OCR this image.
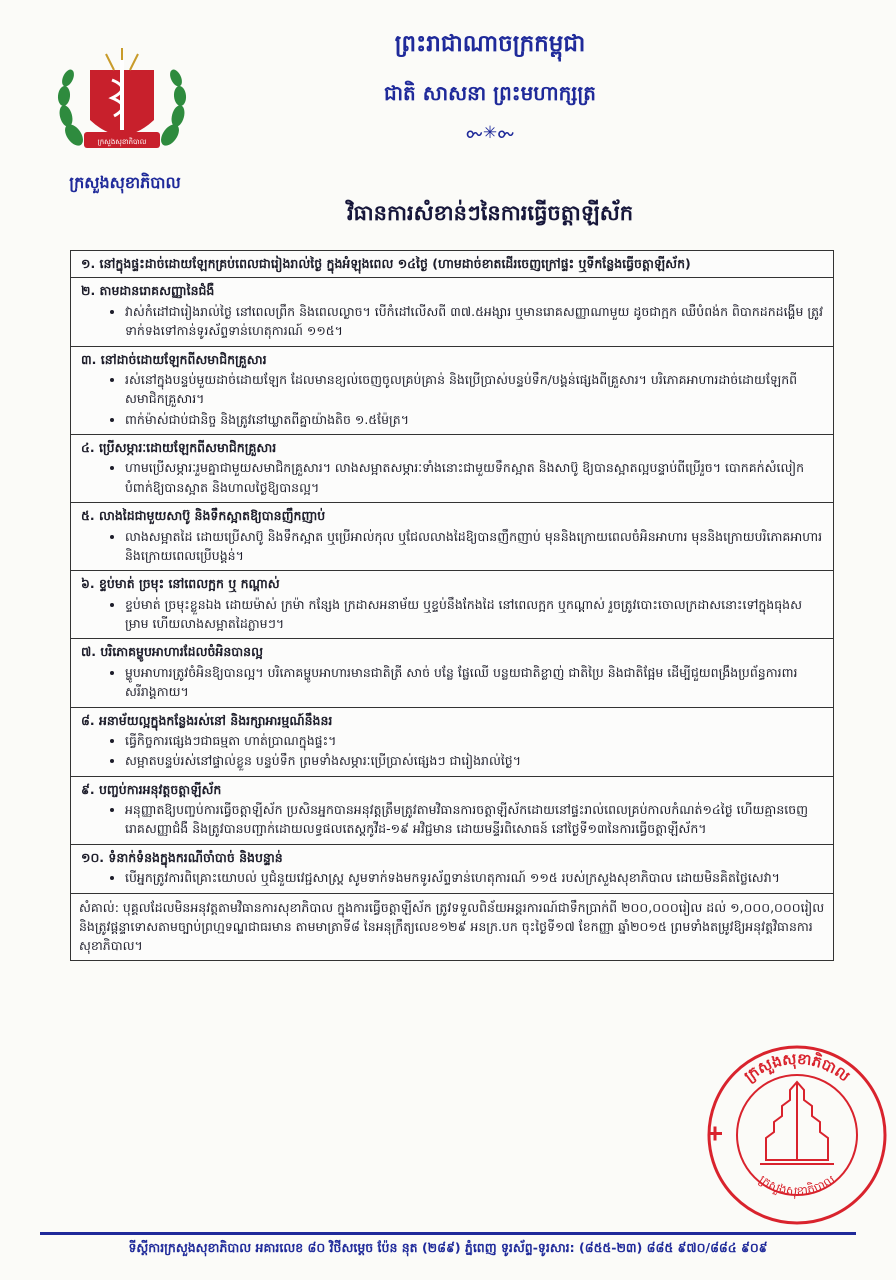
ក្រសួងសុខាភិបាល
ក្រសួងសុខាភិបាល
ព្រះរាជាណាចក្រកម្ពុជា
ជាតិ សាសនា ព្រះមហាក្សត្រ
ᯡ✳ᯡ
វិធានការសំខាន់ៗនៃការធ្វើចត្តាឡីស័ក
១. នៅក្នុងផ្ទះដាច់ដោយឡែកគ្រប់ពេលជារៀងរាល់ថ្ងៃ ក្នុងអំឡុងពេល ១៤ថ្ងៃ (ហាមដាច់ខាតដើរចេញក្រៅផ្ទះ ឬទីកន្លែងធ្វើចត្តាឡីស័ក)
២. តាមដានរោគសញ្ញានៃជំងឺ
• វាស់កំដៅជារៀងរាល់ថ្ងៃ នៅពេលព្រឹក និងពេលល្ងាច។ បើកំដៅលើសពី ៣៧.៥អង្សារ ឬមានរោគសញ្ញាណាមួយ ដូចជាក្អក ឈឺបំពង់ក ពិបាកដកដង្ហើម ត្រូវទាក់ទងទៅកាន់ទូរស័ព្ទទាន់ហេតុការណ៍ ១១៥។
៣. នៅដាច់ដោយឡែកពីសមាជិកគ្រួសារ
• រស់នៅក្នុងបន្ទប់មួយដាច់ដោយឡែក ដែលមានខ្យល់ចេញចូលគ្រប់គ្រាន់ និងប្រើប្រាស់បន្ទប់ទឹក/បង្គន់ផ្សេងពីគ្រួសារ។ បរិភោគអាហារដាច់ដោយឡែកពីសមាជិកគ្រួសារ។
• ពាក់ម៉ាស់ជាប់ជានិច្ច និងត្រូវនៅឃ្លាតពីគ្នាយ៉ាងតិច ១.៥ម៉ែត្រ។
៤. ប្រើសម្ភារៈដោយឡែកពីសមាជិកគ្រួសារ
• ហាមប្រើសម្ភារៈរួមគ្នាជាមួយសមាជិកគ្រួសារ។ លាងសម្អាតសម្ភារៈទាំងនោះជាមួយទឹកស្អាត និងសាប៊ូ ឱ្យបានស្អាតល្អបន្ទាប់ពីប្រើរួច។ បោកគក់សំលៀកបំពាក់ឱ្យបានស្អាត និងហាលថ្ងៃឱ្យបានល្អ។
៥. លាងដៃជាមួយសាប៊ូ និងទឹកស្អាតឱ្យបានញឹកញាប់
• លាងសម្អាតដៃ ដោយប្រើសាប៊ូ និងទឹកស្អាត ឬប្រើអាល់កុល ឬជែលលាងដៃឱ្យបានញឹកញាប់ មុននិងក្រោយពេលចំអិនអាហារ មុននិងក្រោយបរិភោគអាហារ និងក្រោយពេលប្រើបង្គន់។
៦. ខ្ទប់មាត់ ច្រមុះ នៅពេលក្អក ឬ កណ្ដាស់
• ខ្ទប់មាត់ ច្រមុះខ្លួនឯង ដោយម៉ាស់ ក្រម៉ា កន្សែង ក្រដាសអនាម័យ ឬខ្ទប់នឹងកែងដៃ នៅពេលក្អក ឬកណ្ដាស់ រួចត្រូវបោះចោលក្រដាសនោះទៅក្នុងធុងសម្រាម ហើយលាងសម្អាតដៃភ្លាមៗ។
៧. បរិភោគម្ហូបអាហារដែលចំអិនបានល្អ
• ម្ហូបអាហារត្រូវចំអិនឱ្យបានល្អ។ បរិភោគម្ហូបអាហារមានជាតិត្រី សាច់ បន្លែ ផ្លែឈើ បន្លយជាតិខ្លាញ់ ជាតិប្រៃ និងជាតិផ្អែម ដើម្បីជួយពង្រឹងប្រព័ន្ធការពារសរីរាង្គកាយ។
៨. អនាម័យល្អក្នុងកន្លែងរស់នៅ និងរក្សាអារម្មណ៍នឹងនរ
• ធ្វើកិច្ចការផ្សេងៗជាធម្មតា ហាត់ប្រាណក្នុងផ្ទះ។
• សម្អាតបន្ទប់រស់នៅផ្ទាល់ខ្លួន បន្ទប់ទឹក ព្រមទាំងសម្ភារៈប្រើប្រាស់ផ្សេងៗ ជារៀងរាល់ថ្ងៃ។
៩. បញ្ចប់ការអនុវត្តចត្តាឡីស័ក
• អនុញ្ញាតឱ្យបញ្ចប់ការធ្វើចត្តាឡីស័ក ប្រសិនអ្នកបានអនុវត្តត្រឹមត្រូវតាមវិធានការចត្តាឡីស័កដោយនៅផ្ទះរាល់ពេលគ្រប់កាលកំណត់១៤ថ្ងៃ ហើយគ្មានចេញរោគសញ្ញាជំងឺ និងត្រូវបានបញ្ជាក់ដោយលទ្ធផលតេស្តកូវីដ-១៩ អវិជ្ជមាន ដោយមន្ទីរពិសោធន៍ នៅថ្ងៃទី១៣នៃការធ្វើចត្តាឡីស័ក។
១០. ទំនាក់ទំនងក្នុងករណីចាំបាច់ និងបន្ទាន់
• បើអ្នកត្រូវការពិគ្រោះយោបល់ ឬជំនួយវេជ្ជសាស្ត្រ សូមទាក់ទងមកទូរស័ព្ទទាន់ហេតុការណ៍ ១១៥ របស់ក្រសួងសុខាភិបាល ដោយមិនគិតថ្លៃសេវា។
សំគាល់: បុគ្គលដែលមិនអនុវត្តតាមវិធានការសុខាភិបាល ក្នុងការធ្វើចត្តាឡីស័ក ត្រូវទទួលពិន័យអន្តរការណ៍ជាទឹកប្រាក់ពី ២០០,០០០រៀល ដល់ ១,០០០,០០០រៀល និងត្រូវផ្តន្ទាទោសតាមច្បាប់ព្រហ្មទណ្ឌជាធរមាន តាមមាត្រាទី៨ នៃអនុក្រឹត្យលេខ១២៩ អនក្រ.បក ចុះថ្ងៃទី១៧ ខែកញ្ញា ឆ្នាំ២០១៥ ព្រមទាំងតម្រូវឱ្យអនុវត្តវិធានការសុខាភិបាល។
ក្រសួងសុខាភិបាល
ក្រសួងសុខាភិបាល
ទីស្តីការក្រសួងសុខាភិបាល អគារលេខ ៨០ វិថីសម្តេច ប៉ែន នុត (២៨៩) ភ្នំពេញ ទូរស័ព្ទ-ទូរសារ: (៨៥៥-២៣) ៨៨៥ ៩៧០/៨៨៤ ៩០៩
